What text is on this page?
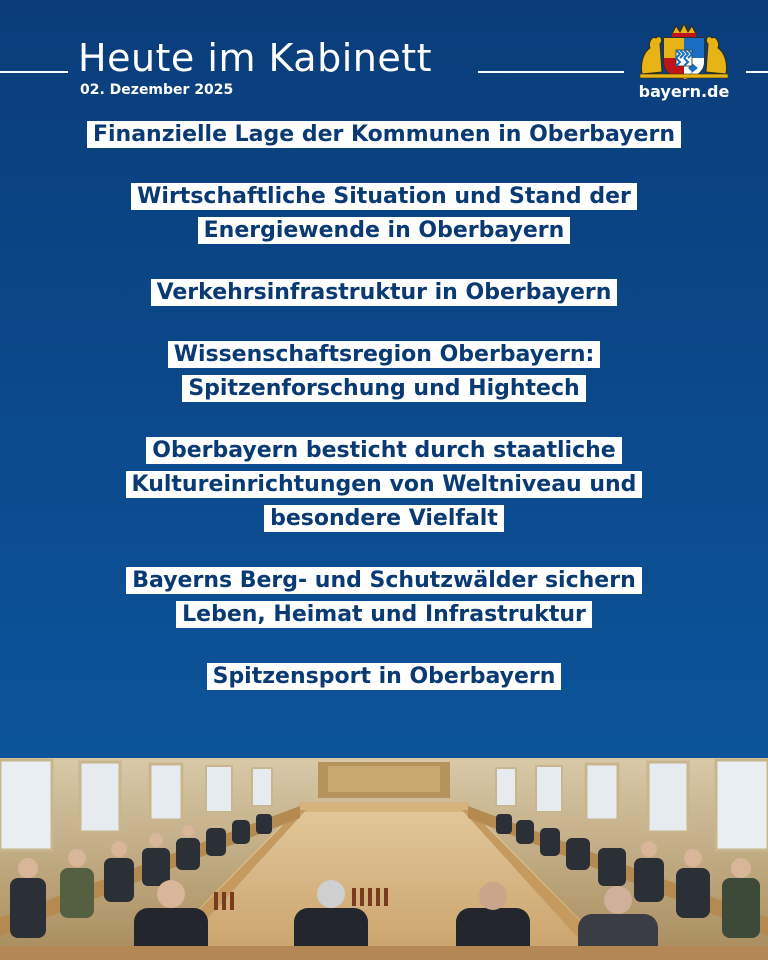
Heute im Kabinett
02. Dezember 2025	bayern.de
Finanzielle Lage der Kommunen in Oberbayern
Wirtschaftliche Situation und Stand der
Energiewende in Oberbayern
Verkehrsinfrastruktur in Oberbayern
Wissenschaftsregion Oberbayern:
Spitzenforschung und Hightech
Oberbayern besticht durch staatliche
Kultureinrichtungen von Weltniveau und
besondere Vielfalt
Bayerns Berg- und Schutzwälder sichern
Leben, Heimat und Infrastruktur
Spitzensport in Oberbayern
